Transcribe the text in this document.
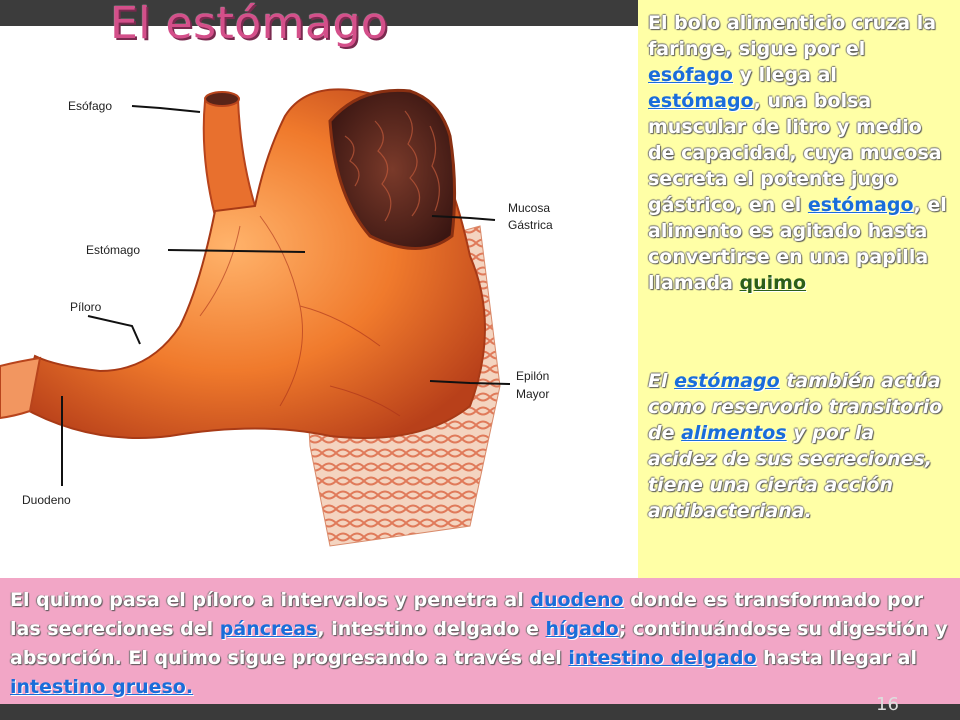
Esófago
Estómago
Píloro
Duodeno
Mucosa
Gástrica
Epilón
Mayor
El estómago	El bolo alimenticio cruza la faringe, sigue por el esófago y llega al estómago, una bolsa muscular de litro y medio de capacidad, cuya mucosa secreta el potente jugo gástrico, en el estómago, el alimento es agitado hasta convertirse en una papilla llamada quimo

El estómago también actúa como reservorio transitorio de alimentos y por la acidez de sus secreciones, tiene una cierta acción antibacteriana.

El quimo pasa el píloro a intervalos y penetra al duodeno donde es transformado por las secreciones del páncreas, intestino delgado e hígado; continuándose su digestión y absorción. El quimo sigue progresando a través del intestino delgado hasta llegar al intestino grueso.

16
